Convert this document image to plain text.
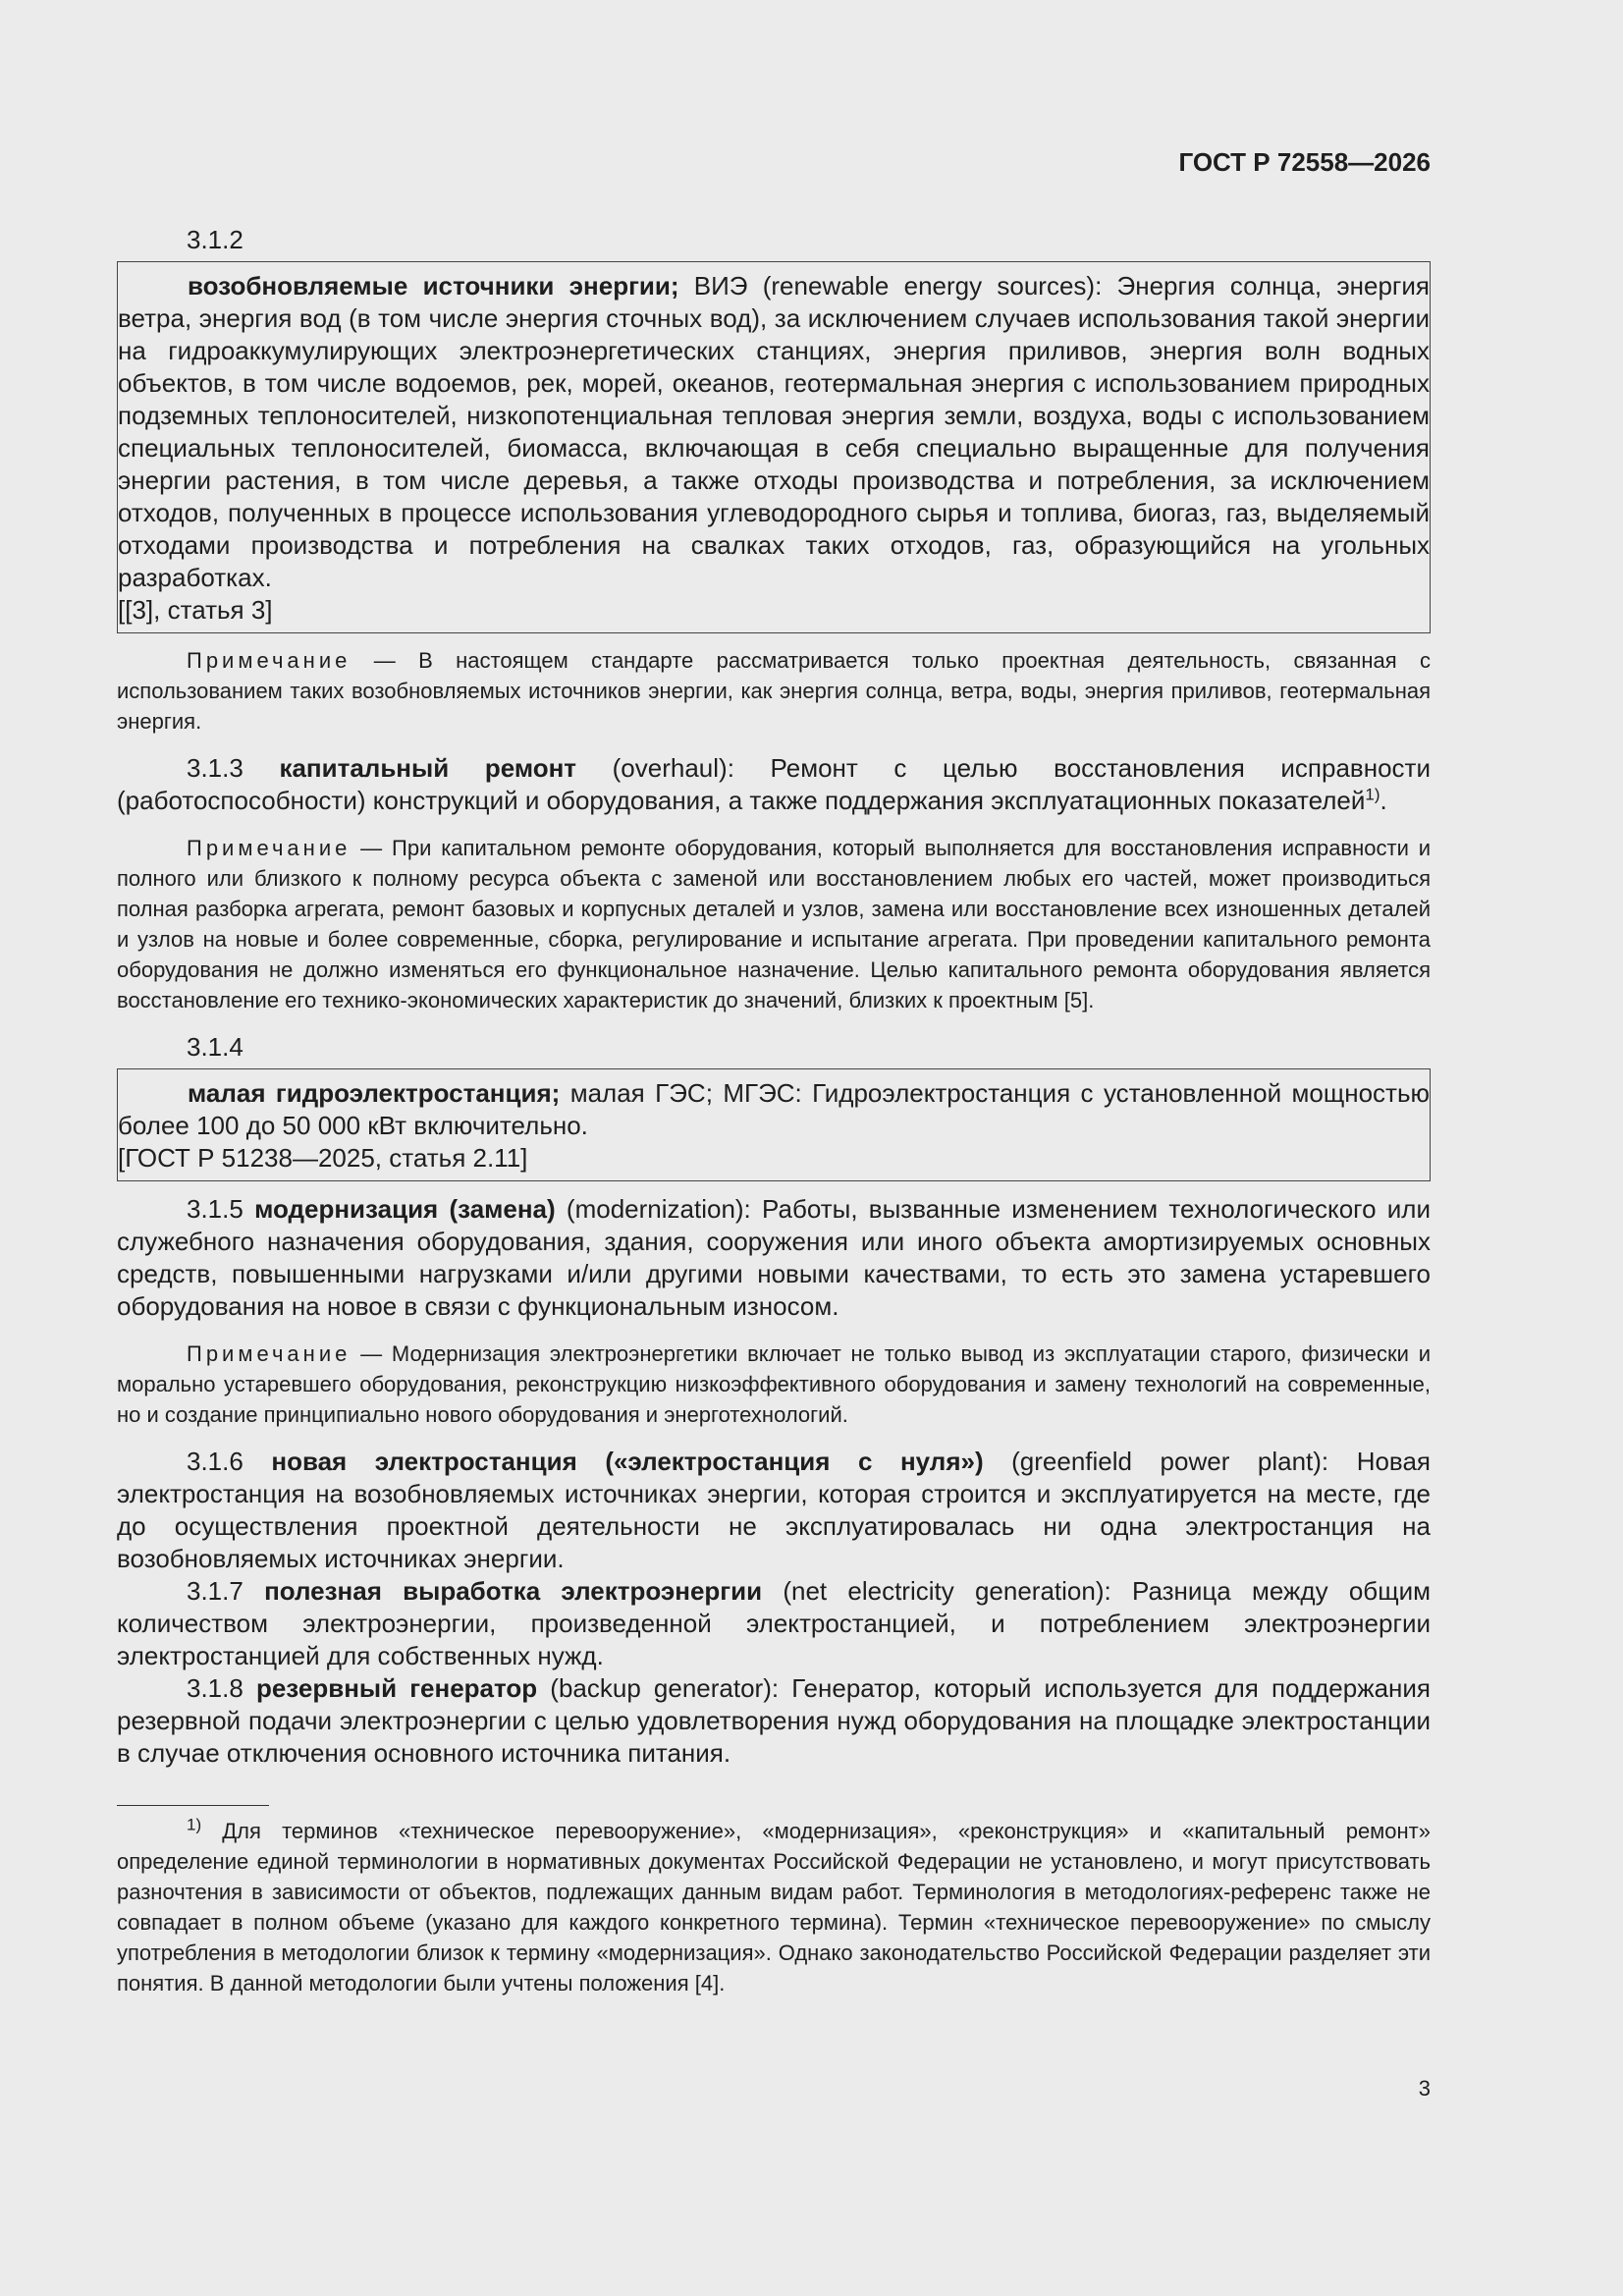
ГОСТ Р 72558—2026

3.1.2

возобновляемые источники энергии; ВИЭ (renewable energy sources): Энергия солнца, энергия ветра, энергия вод (в том числе энергия сточных вод), за исключением случаев использования такой энергии на гидроаккумулирующих электроэнергетических станциях, энергия приливов, энергия волн водных объектов, в том числе водоемов, рек, морей, океанов, геотермальная энергия с использованием природных подземных теплоносителей, низкопотенциальная тепловая энергия земли, воздуха, воды с использованием специальных теплоносителей, биомасса, включающая в себя специально выращенные для получения энергии растения, в том числе деревья, а также отходы производства и потребления, за исключением отходов, полученных в процессе использования углеводородного сырья и топлива, биогаз, газ, выделяемый отходами производства и потребления на свалках таких отходов, газ, образующийся на угольных разработках.

[[3], статья 3]

Примечание — В настоящем стандарте рассматривается только проектная деятельность, связанная с использованием таких возобновляемых источников энергии, как энергия солнца, ветра, воды, энергия приливов, геотермальная энергия.

3.1.3 капитальный ремонт (overhaul): Ремонт с целью восстановления исправности (работоспособности) конструкций и оборудования, а также поддержания эксплуатационных показателей$^{1)}$.

Примечание — При капитальном ремонте оборудования, который выполняется для восстановления исправности и полного или близкого к полному ресурса объекта с заменой или восстановлением любых его частей, может производиться полная разборка агрегата, ремонт базовых и корпусных деталей и узлов, замена или восстановление всех изношенных деталей и узлов на новые и более современные, сборка, регулирование и испытание агрегата. При проведении капитального ремонта оборудования не должно изменяться его функциональное назначение. Целью капитального ремонта оборудования является восстановление его технико-экономических характеристик до значений, близких к проектным [5].

3.1.4

малая гидроэлектростанция; малая ГЭС; МГЭС: Гидроэлектростанция с установленной мощностью более 100 до 50 000 кВт включительно.

[ГОСТ Р 51238—2025, статья 2.11]

3.1.5 модернизация (замена) (modernization): Работы, вызванные изменением технологического или служебного назначения оборудования, здания, сооружения или иного объекта амортизируемых основных средств, повышенными нагрузками и/или другими новыми качествами, то есть это замена устаревшего оборудования на новое в связи с функциональным износом.

Примечание — Модернизация электроэнергетики включает не только вывод из эксплуатации старого, физически и морально устаревшего оборудования, реконструкцию низкоэффективного оборудования и замену технологий на современные, но и создание принципиально нового оборудования и энерготехнологий.

3.1.6 новая электростанция («электростанция с нуля») (greenfield power plant): Новая электростанция на возобновляемых источниках энергии, которая строится и эксплуатируется на месте, где до осуществления проектной деятельности не эксплуатировалась ни одна электростанция на возобновляемых источниках энергии.

3.1.7 полезная выработка электроэнергии (net electricity generation): Разница между общим количеством электроэнергии, произведенной электростанцией, и потреблением электроэнергии электростанцией для собственных нужд.

3.1.8 резервный генератор (backup generator): Генератор, который используется для поддержания резервной подачи электроэнергии с целью удовлетворения нужд оборудования на площадке электростанции в случае отключения основного источника питания.

$^{1)}$ Для терминов «техническое перевооружение», «модернизация», «реконструкция» и «капитальный ремонт» определение единой терминологии в нормативных документах Российской Федерации не установлено, и могут присутствовать разночтения в зависимости от объектов, подлежащих данным видам работ. Терминология в методологиях-референс также не совпадает в полном объеме (указано для каждого конкретного термина). Термин «техническое перевооружение» по смыслу употребления в методологии близок к термину «модернизация». Однако законодательство Российской Федерации разделяет эти понятия. В данной методологии были учтены положения [4].

3
